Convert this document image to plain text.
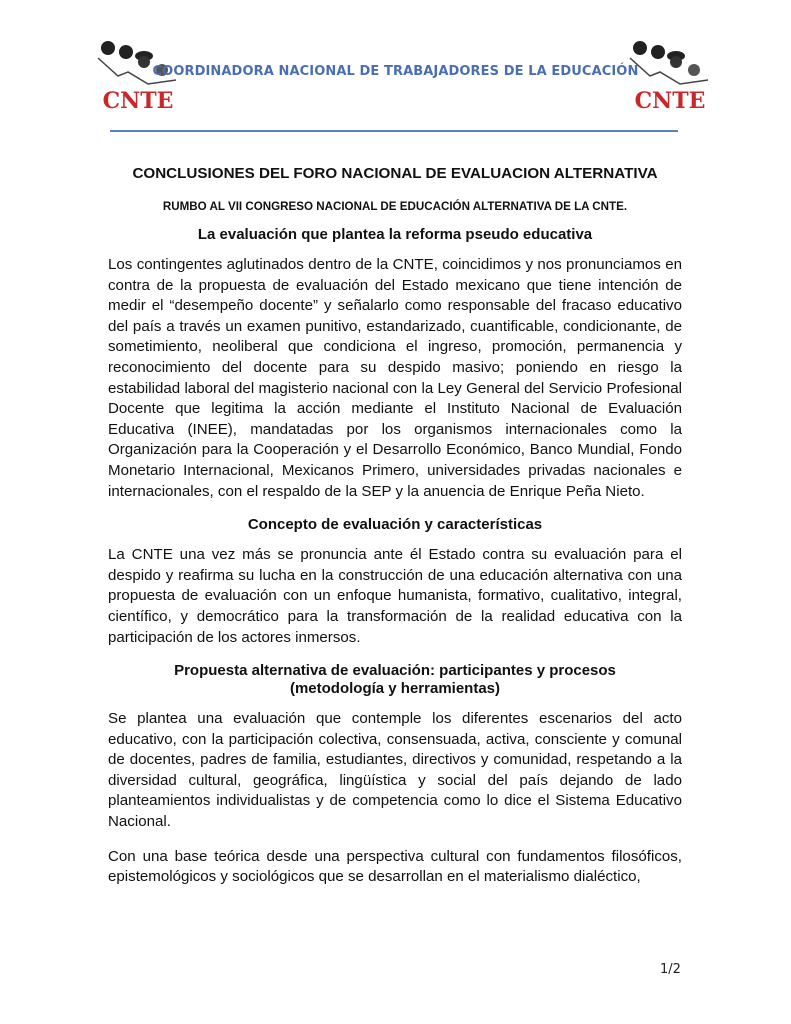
CNTE
COORDINADORA NACIONAL DE TRABAJADORES DE LA EDUCACIÓN
CNTE
CONCLUSIONES DEL FORO NACIONAL DE EVALUACION ALTERNATIVA
RUMBO AL VII CONGRESO NACIONAL DE EDUCACIÓN ALTERNATIVA DE LA CNTE.
La evaluación que plantea la reforma pseudo educativa

Los contingentes aglutinados dentro de la CNTE, coincidimos y nos pronunciamos en contra de la propuesta de evaluación del Estado mexicano que tiene intención de medir el “desempeño docente” y señalarlo como responsable del fracaso educativo del país a través un examen punitivo, estandarizado, cuantificable, condicionante, de sometimiento, neoliberal que condiciona el ingreso, promoción, permanencia y reconocimiento del docente para su despido masivo; poniendo en riesgo la estabilidad laboral del magisterio nacional con la Ley General del Servicio Profesional Docente que legitima la acción mediante el Instituto Nacional de Evaluación Educativa (INEE), mandatadas por los organismos internacionales como la Organización para la Cooperación y el Desarrollo Económico, Banco Mundial, Fondo Monetario Internacional, Mexicanos Primero, universidades privadas nacionales e internacionales, con el respaldo de la SEP y la anuencia de Enrique Peña Nieto.

Concepto de evaluación y características

La CNTE una vez más se pronuncia ante él Estado contra su evaluación para el despido y reafirma su lucha en la construcción de una educación alternativa con una propuesta de evaluación con un enfoque humanista, formativo, cualitativo, integral, científico, y democrático para la transformación de la realidad educativa con la participación de los actores inmersos.

Propuesta alternativa de evaluación: participantes y procesos
(metodología y herramientas)

Se plantea una evaluación que contemple los diferentes escenarios del acto educativo, con la participación colectiva, consensuada, activa, consciente y comunal de docentes, padres de familia, estudiantes, directivos y comunidad, respetando a la diversidad cultural, geográfica, lingüística y social del país dejando de lado planteamientos individualistas y de competencia como lo dice el Sistema Educativo Nacional.

Con una base teórica desde una perspectiva cultural con fundamentos filosóficos, epistemológicos y sociológicos que se desarrollan en el materialismo dialéctico,

1/2
